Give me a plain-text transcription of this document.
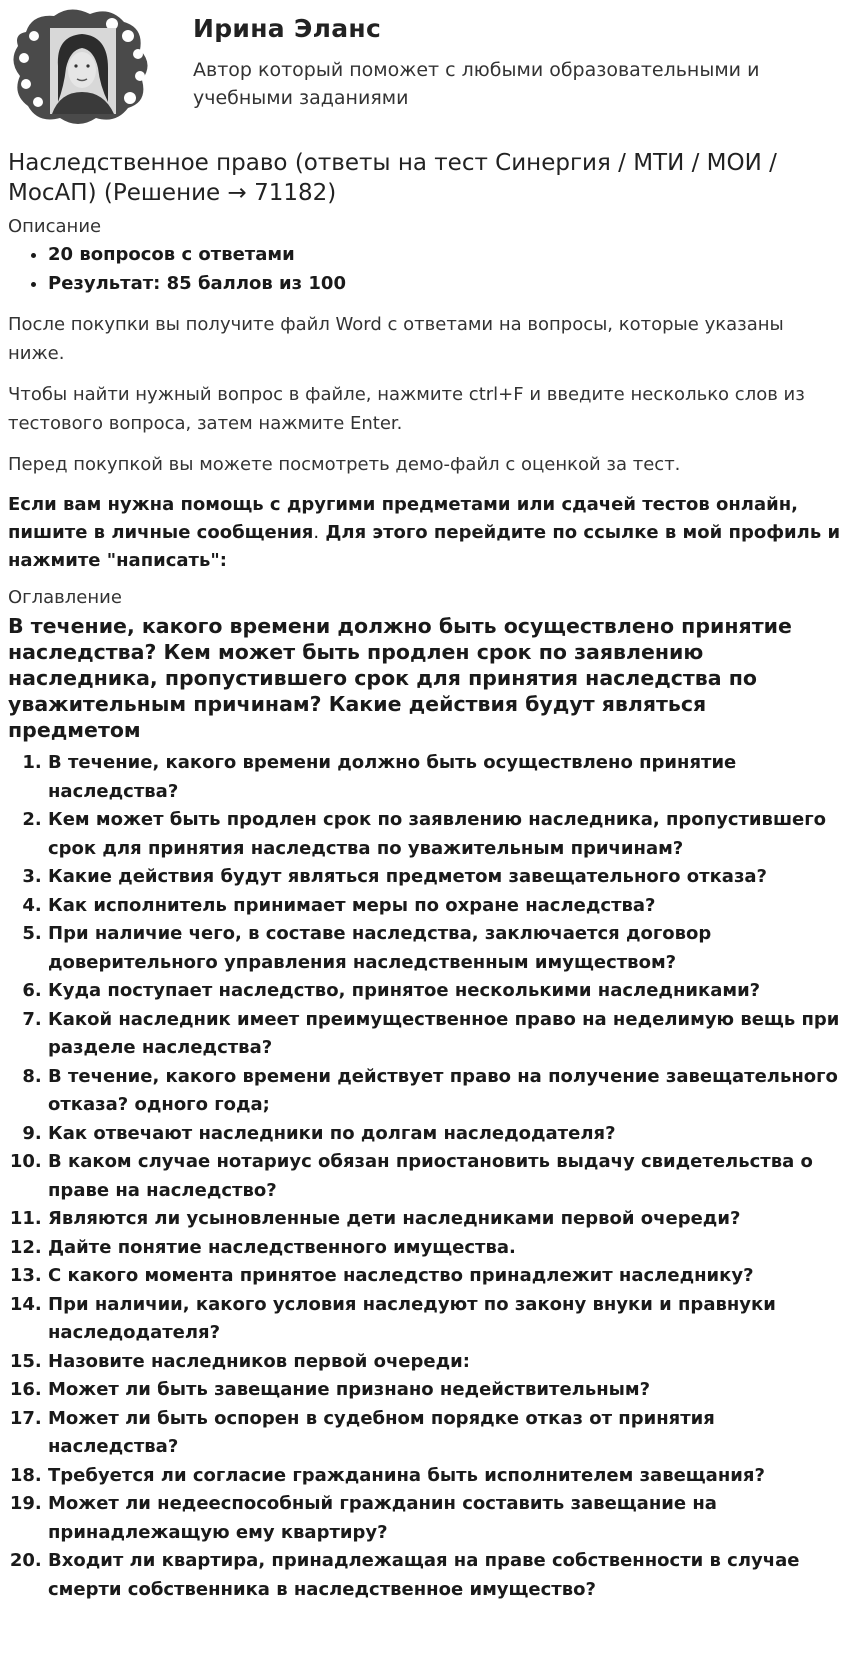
Ирина Эланс

Автор который поможет с любыми образовательными и учебными заданиями

Наследственное право (ответы на тест Синергия / МТИ / МОИ / МосАП) (Решение → 71182)
Описание
• 20 вопросов с ответами
• Результат: 85 баллов из 100

После покупки вы получите файл Word с ответами на вопросы, которые указаны ниже.

Чтобы найти нужный вопрос в файле, нажмите ctrl+F и введите несколько слов из тестового вопроса, затем нажмите Enter.

Перед покупкой вы можете посмотреть демо-файл с оценкой за тест.

Если вам нужна помощь с другими предметами или сдачей тестов онлайн, пишите в личные сообщения. Для этого перейдите по ссылке в мой профиль и нажмите "написать":

Оглавление
В течение, какого времени должно быть осуществлено принятие наследства? Кем может быть продлен срок по заявлению наследника, пропустившего срок для принятия наследства по уважительным причинам? Какие действия будут являться предметом
1. В течение, какого времени должно быть осуществлено принятие наследства?
2. Кем может быть продлен срок по заявлению наследника, пропустившего срок для принятия наследства по уважительным причинам?
3. Какие действия будут являться предметом завещательного отказа?
4. Как исполнитель принимает меры по охране наследства?
5. При наличие чего, в составе наследства, заключается договор доверительного управления наследственным имуществом?
6. Куда поступает наследство, принятое несколькими наследниками?
7. Какой наследник имеет преимущественное право на неделимую вещь при разделе наследства?
8. В течение, какого времени действует право на получение завещательного отказа? одного года;
9. Как отвечают наследники по долгам наследодателя?
10. В каком случае нотариус обязан приостановить выдачу свидетельства о праве на наследство?
11. Являются ли усыновленные дети наследниками первой очереди?
12. Дайте понятие наследственного имущества.
13. С какого момента принятое наследство принадлежит наследнику?
14. При наличии, какого условия наследуют по закону внуки и правнуки наследодателя?
15. Назовите наследников первой очереди:
16. Может ли быть завещание признано недействительным?
17. Может ли быть оспорен в судебном порядке отказ от принятия наследства?
18. Требуется ли согласие гражданина быть исполнителем завещания?
19. Может ли недееспособный гражданин составить завещание на принадлежащую ему квартиру?
20. Входит ли квартира, принадлежащая на праве собственности в случае смерти собственника в наследственное имущество?
